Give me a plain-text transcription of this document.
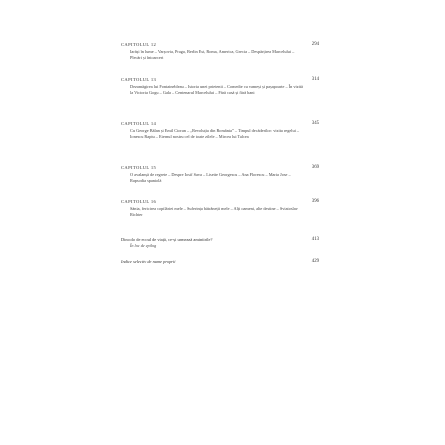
CAPITOLUL 12
Iarăși în lume – Varșovia, Praga, Berlin Est, Roma, America, Grecia – Despărțirea Marcelului – Plecări și întoarceri
294
CAPITOLUL 13
Dezamăgirea lui Fontainebleau – Istoria unei prietenii – Comedie cu vameși și pașapoarte – În vizită la Victoria Gogu – Gala – Centenarul Marcelului – Fără casă și fără bani
314
CAPITOLUL 14
Cu George Bălan și Emil Cioran – „Revoluția din România” – Timpul decăderilor: vizita regelui – Ionescu Rapiu – Eternul nostru cel de toate zilele – Mircea lui Talcea
345
CAPITOLUL 15
O avalanșă de regrete – Despre Iosif Sava – Lisette Georgescu – Ana Florescu – Maria Jose – Rapsodia spaniolă
369
CAPITOLUL 16
Sănia, fericirea copilăriei mele – Suferința bătrâneții mele – Alți oameni, alte destine – Sviatoslav Richter
396
Dincolo de ecoul de viață, ce-și urmează amintirile?
În loc de epilog
413
Indice selectiv de nume proprii	429
